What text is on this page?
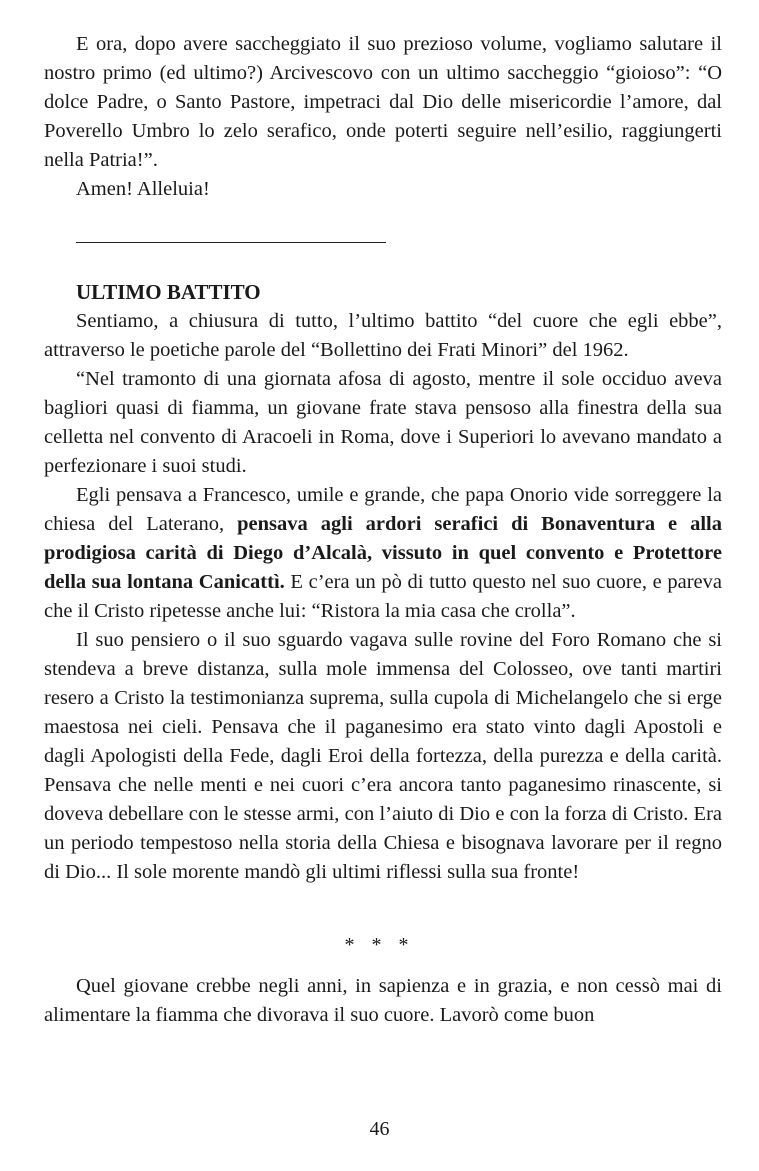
E ora, dopo avere saccheggiato il suo prezioso volume, vogliamo salutare il nostro primo (ed ultimo?) Arcivescovo con un ultimo saccheggio “gioioso”: “O dolce Padre, o Santo Pastore, impetraci dal Dio delle misericordie l’amore, dal Poverello Umbro lo zelo serafico, onde poterti seguire nell’esilio, raggiungerti nella Patria!”.

Amen! Alleluia!

ULTIMO BATTITO

Sentiamo, a chiusura di tutto, l’ultimo battito “del cuore che egli ebbe”, attraverso le poetiche parole del “Bollettino dei Frati Minori” del 1962.

“Nel tramonto di una giornata afosa di agosto, mentre il sole occiduo aveva bagliori quasi di fiamma, un giovane frate stava pensoso alla finestra della sua celletta nel convento di Aracoeli in Roma, dove i Superiori lo avevano mandato a perfezionare i suoi studi.

Egli pensava a Francesco, umile e grande, che papa Onorio vide sorreggere la chiesa del Laterano, pensava agli ardori serafici di Bonaventura e alla prodigiosa carità di Diego d’Alcalà, vissuto in quel convento e Protettore della sua lontana Canicattì. E c’era un pò di tutto questo nel suo cuore, e pareva che il Cristo ripetesse anche lui: “Ristora la mia casa che crolla”.

Il suo pensiero o il suo sguardo vagava sulle rovine del Foro Romano che si stendeva a breve distanza, sulla mole immensa del Colosseo, ove tanti martiri resero a Cristo la testimonianza suprema, sulla cupola di Michelangelo che si erge maestosa nei cieli. Pensava che il paganesimo era stato vinto dagli Apostoli e dagli Apologisti della Fede, dagli Eroi della fortezza, della purezza e della carità. Pensava che nelle menti e nei cuori c’era ancora tanto paganesimo rinascente, si doveva debellare con le stesse armi, con l’aiuto di Dio e con la forza di Cristo. Era un periodo tempestoso nella storia della Chiesa e bisognava lavorare per il regno di Dio... Il sole morente mandò gli ultimi riflessi sulla sua fronte!

* * *

Quel giovane crebbe negli anni, in sapienza e in grazia, e non cessò mai di alimentare la fiamma che divorava il suo cuore. Lavorò come buon

46
